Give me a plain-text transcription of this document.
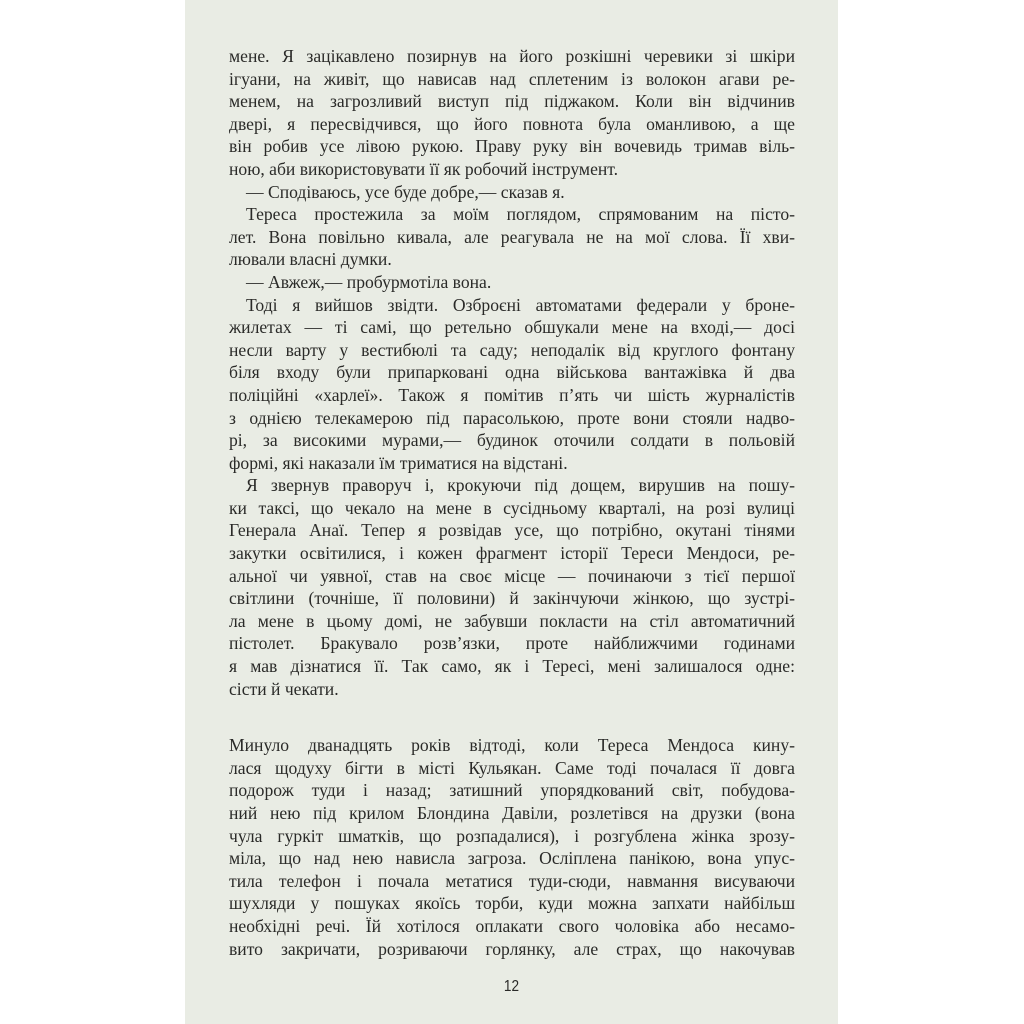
мене. Я зацікавлено позирнув на його розкішні черевики зі шкіри
ігуани, на живіт, що нависав над сплетеним із волокон агави ре-
менем, на загрозливий виступ під піджаком. Коли він відчинив
двері, я пересвідчився, що його повнота була оманливою, а ще
він робив усе лівою рукою. Праву руку він вочевидь тримав віль-
ною, аби використовувати її як робочий інструмент.
— Сподіваюсь, усе буде добре,— сказав я.
Тереса простежила за моїм поглядом, спрямованим на пісто-
лет. Вона повільно кивала, але реагувала не на мої слова. Її хви-
лювали власні думки.
— Авжеж,— пробурмотіла вона.
Тоді я вийшов звідти. Озброєні автоматами федерали у броне-
жилетах — ті самі, що ретельно обшукали мене на вході,— досі
несли варту у вестибюлі та саду; неподалік від круглого фонтану
біля входу були припарковані одна військова вантажівка й два
поліційні «харлеї». Також я помітив п’ять чи шість журналістів
з однією телекамерою під парасолькою, проте вони стояли надво-
рі, за високими мурами,— будинок оточили солдати в польовій
формі, які наказали їм триматися на відстані.
Я звернув праворуч і, крокуючи під дощем, вирушив на пошу-
ки таксі, що чекало на мене в сусідньому кварталі, на розі вулиці
Генерала Анаї. Тепер я розвідав усе, що потрібно, окутані тінями
закутки освітилися, і кожен фрагмент історії Тереси Мендоси, ре-
альної чи уявної, став на своє місце — починаючи з тієї першої
світлини (точніше, її половини) й закінчуючи жінкою, що зустрі-
ла мене в цьому домі, не забувши покласти на стіл автоматичний
пістолет. Бракувало розв’язки, проте найближчими годинами
я мав дізнатися її. Так само, як і Тересі, мені залишалося одне:
сісти й чекати.
Минуло дванадцять років відтоді, коли Тереса Мендоса кину-
лася щодуху бігти в місті Кульякан. Саме тоді почалася її довга
подорож туди і назад; затишний упорядкований світ, побудова-
ний нею під крилом Блондина Давіли, розлетівся на друзки (вона
чула гуркіт шматків, що розпадалися), і розгублена жінка зрозу-
міла, що над нею нависла загроза. Осліплена панікою, вона упус-
тила телефон і почала метатися туди-сюди, навмання висуваючи
шухляди у пошуках якоїсь торби, куди можна запхати найбільш
необхідні речі. Їй хотілося оплакати свого чоловіка або несамо-
вито закричати, розриваючи горлянку, але страх, що накочував
12
